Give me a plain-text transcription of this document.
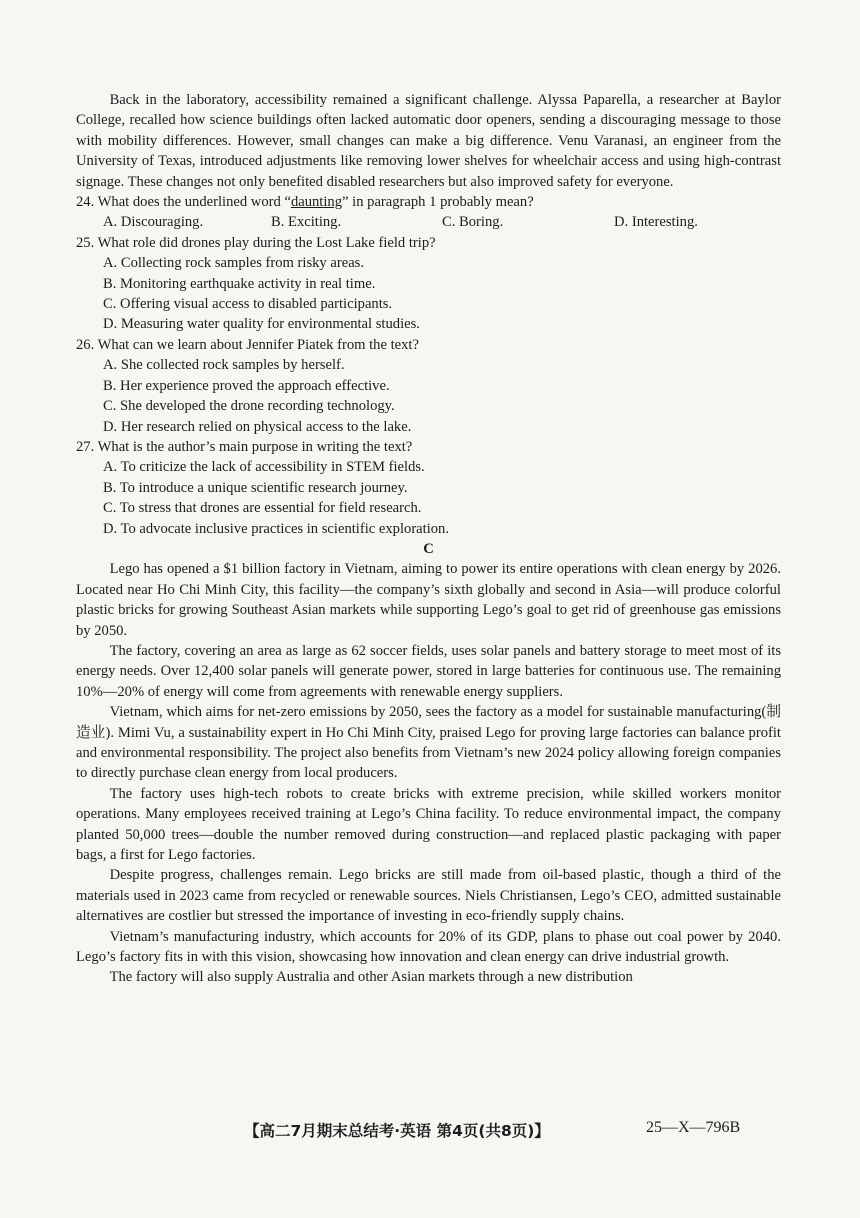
Back in the laboratory, accessibility remained a significant challenge. Alyssa Paparella, a researcher at Baylor College, recalled how science buildings often lacked automatic door openers, sending a discouraging message to those with mobility differences. However, small changes can make a big difference. Venu Varanasi, an engineer from the University of Texas, introduced adjustments like removing lower shelves for wheelchair access and using high-contrast signage. These changes not only benefited disabled researchers but also improved safety for everyone.

24. What does the underlined word “daunting” in paragraph 1 probably mean?

A. Discouraging.	B. Exciting.	C. Boring.	D. Interesting.

25. What role did drones play during the Lost Lake field trip?

A. Collecting rock samples from risky areas.

B. Monitoring earthquake activity in real time.

C. Offering visual access to disabled participants.

D. Measuring water quality for environmental studies.

26. What can we learn about Jennifer Piatek from the text?

A. She collected rock samples by herself.

B. Her experience proved the approach effective.

C. She developed the drone recording technology.

D. Her research relied on physical access to the lake.

27. What is the author’s main purpose in writing the text?

A. To criticize the lack of accessibility in STEM fields.

B. To introduce a unique scientific research journey.

C. To stress that drones are essential for field research.

D. To advocate inclusive practices in scientific exploration.

C

Lego has opened a $1 billion factory in Vietnam, aiming to power its entire operations with clean energy by 2026. Located near Ho Chi Minh City, this facility—the company’s sixth globally and second in Asia—will produce colorful plastic bricks for growing Southeast Asian markets while supporting Lego’s goal to get rid of greenhouse gas emissions by 2050.

The factory, covering an area as large as 62 soccer fields, uses solar panels and battery storage to meet most of its energy needs. Over 12,400 solar panels will generate power, stored in large batteries for continuous use. The remaining 10%—20% of energy will come from agreements with renewable energy suppliers.

Vietnam, which aims for net-zero emissions by 2050, sees the factory as a model for sustainable manufacturing(制造业). Mimi Vu, a sustainability expert in Ho Chi Minh City, praised Lego for proving large factories can balance profit and environmental responsibility. The project also benefits from Vietnam’s new 2024 policy allowing foreign companies to directly purchase clean energy from local producers.

The factory uses high-tech robots to create bricks with extreme precision, while skilled workers monitor operations. Many employees received training at Lego’s China facility. To reduce environmental impact, the company planted 50,000 trees—double the number removed during construction—and replaced plastic packaging with paper bags, a first for Lego factories.

Despite progress, challenges remain. Lego bricks are still made from oil-based plastic, though a third of the materials used in 2023 came from recycled or renewable sources. Niels Christiansen, Lego’s CEO, admitted sustainable alternatives are costlier but stressed the importance of investing in eco-friendly supply chains.

Vietnam’s manufacturing industry, which accounts for 20% of its GDP, plans to phase out coal power by 2040. Lego’s factory fits in with this vision, showcasing how innovation and clean energy can drive industrial growth.

The factory will also supply Australia and other Asian markets through a new distribution

【高二7月期末总结考·英语 第4页(共8页)】	25—X—796B
